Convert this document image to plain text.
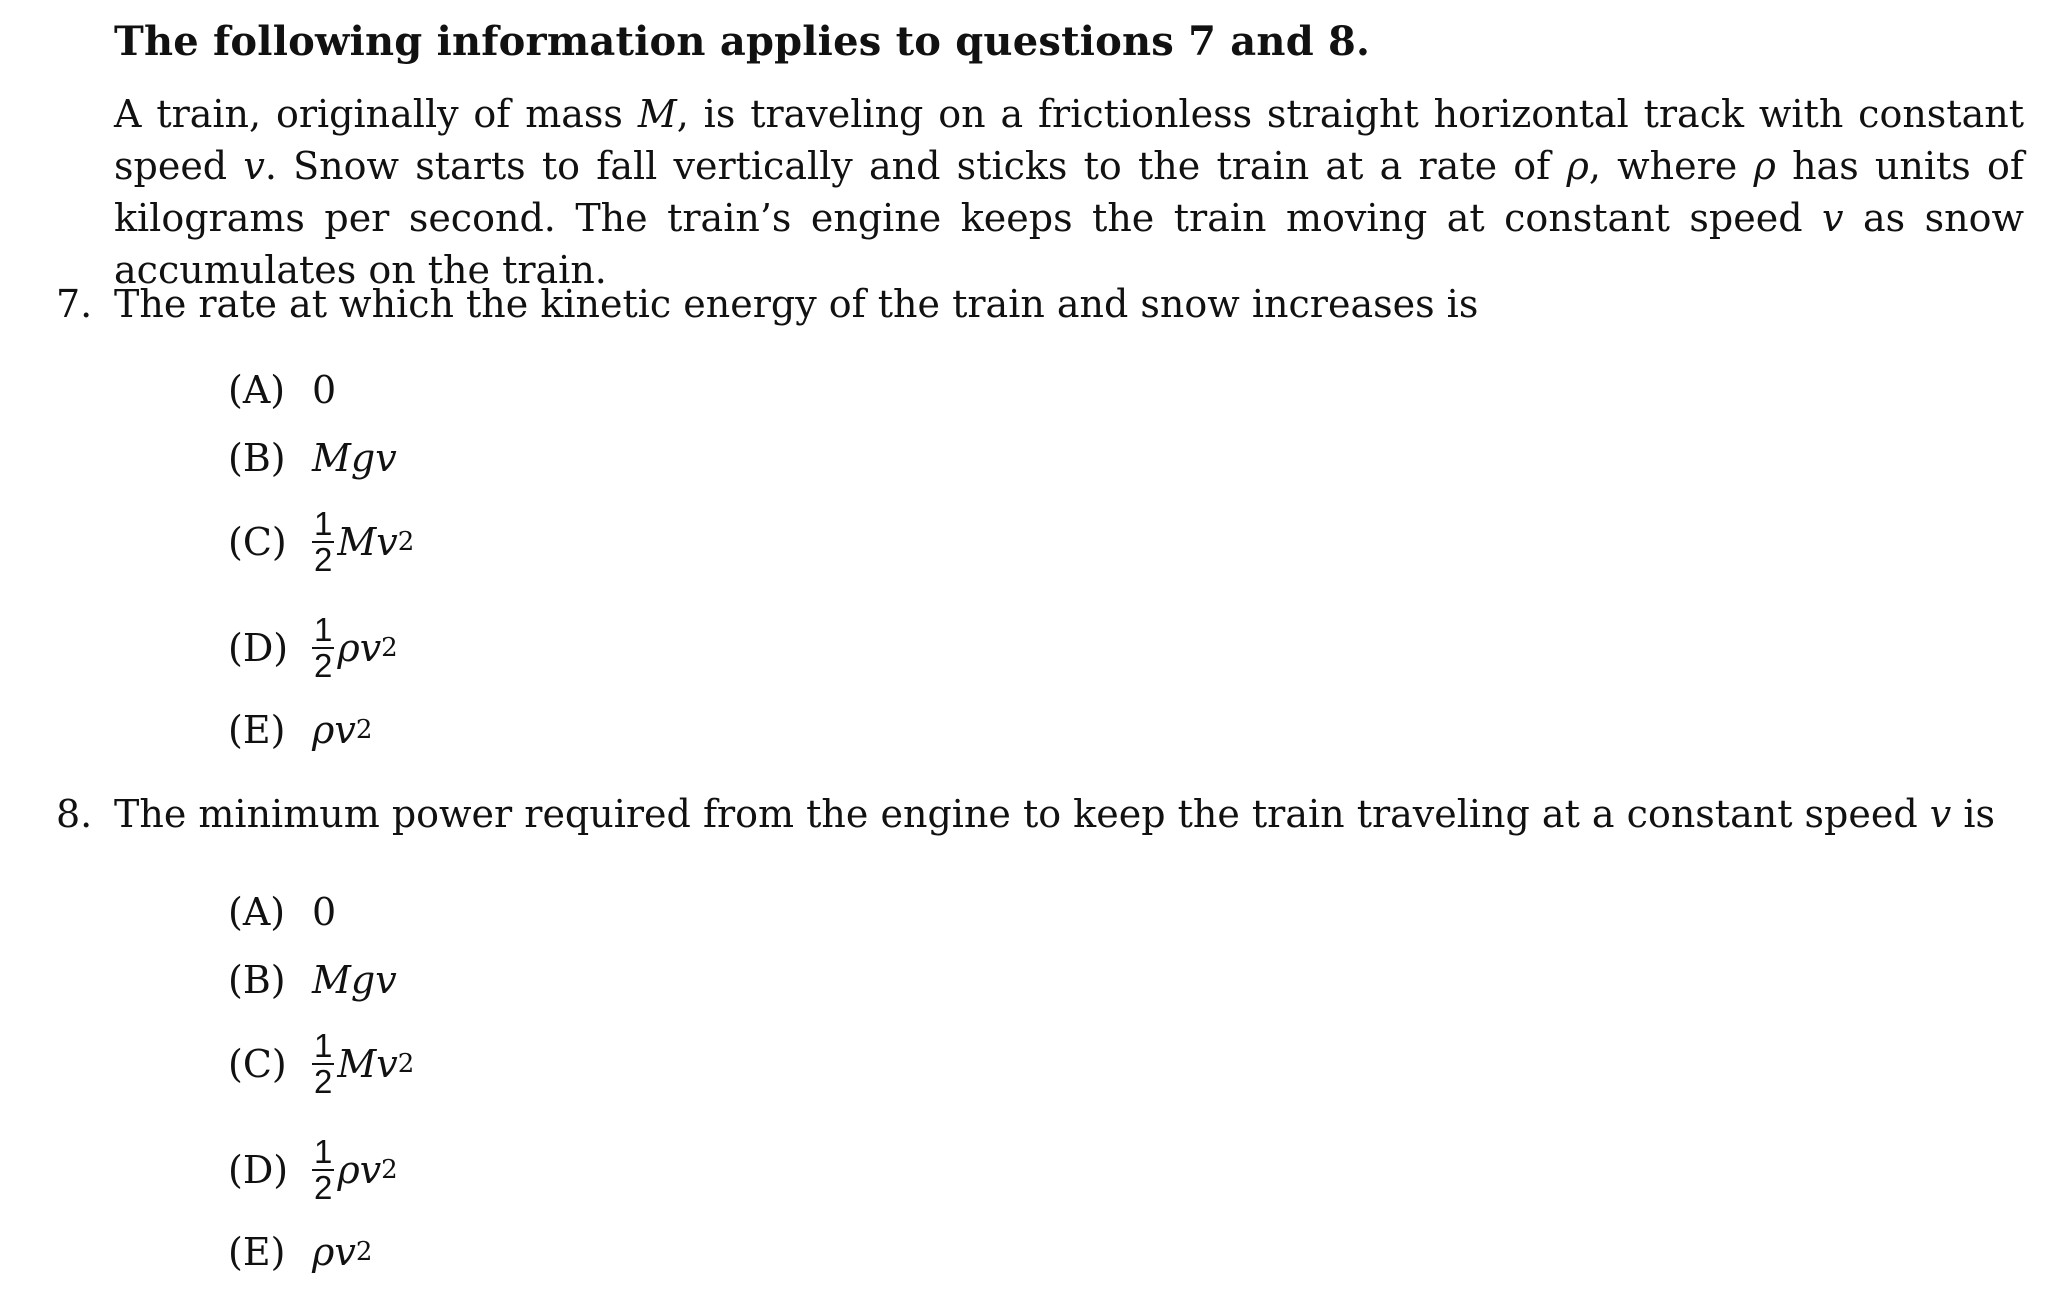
The following information applies to questions 7 and 8.
A train, originally of mass M, is traveling on a frictionless straight horizontal track with constant speed v. Snow starts to fall vertically and sticks to the train at a rate of ρ, where ρ has units of kilograms per second. The train’s engine keeps the train moving at constant speed v as snow accumulates on the train.
7. The rate at which the kinetic energy of the train and snow increases is
(A) 0
(B) Mgv
$(C) \frac{1}{2}$ Mv 2
$(D) \frac{1}{2}$ ρv 2
(E) ρv 2
8. The minimum power required from the engine to keep the train traveling at a constant speed v is
(A) 0
(B) Mgv
$(C) \frac{1}{2}$ Mv 2
$(D) \frac{1}{2}$ ρv 2
(E) ρv 2
